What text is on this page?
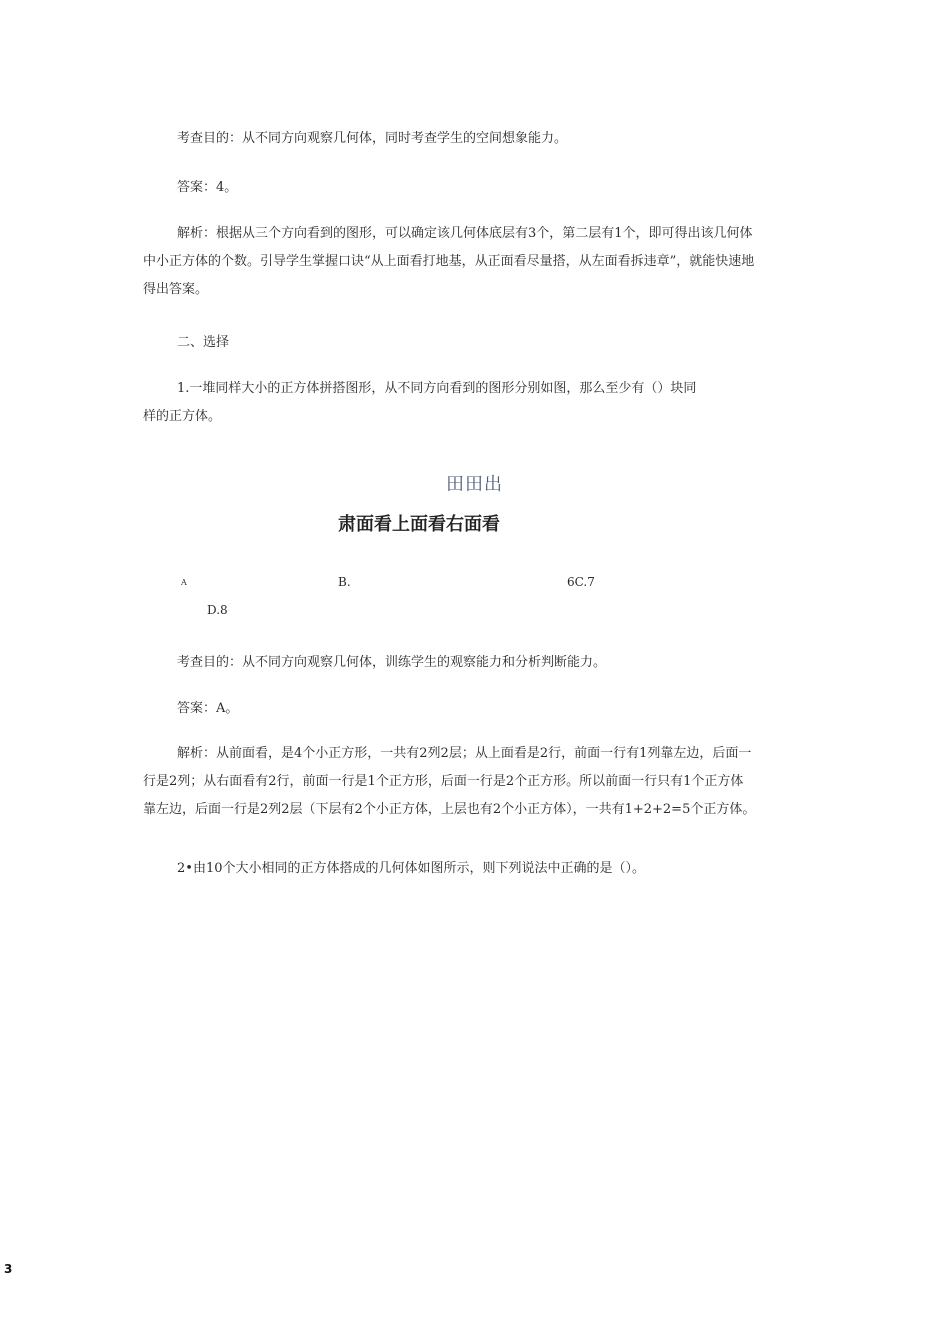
考查目的：从不同方向观察几何体，同时考查学生的空间想象能力。
答案：4。
解析：根据从三个方向看到的图形，可以确定该几何体底层有3个，第二层有1个，即可得出该几何体
中小正方体的个数。引导学生掌握口诀“从上面看打地基，从正面看尽量搭，从左面看拆违章”，就能快速地
得出答案。
二、选择
1.一堆同样大小的正方体拼搭图形，从不同方向看到的图形分别如图，那么至少有（）块同
样的正方体。
田田出
肃面看上面看右面看
A	B.	6C.7
D.8
考查目的：从不同方向观察几何体，训练学生的观察能力和分析判断能力。
答案：A。
解析：从前面看，是4个小正方形，一共有2列2层；从上面看是2行，前面一行有1列靠左边，后面一
行是2列；从右面看有2行，前面一行是1个正方形，后面一行是2个正方形。所以前面一行只有1个正方体
靠左边，后面一行是2列2层（下层有2个小正方体，上层也有2个小正方体），一共有1+2+2=5个正方体。
2•由10个大小相同的正方体搭成的几何体如图所示，则下列说法中正确的是（）。
3
